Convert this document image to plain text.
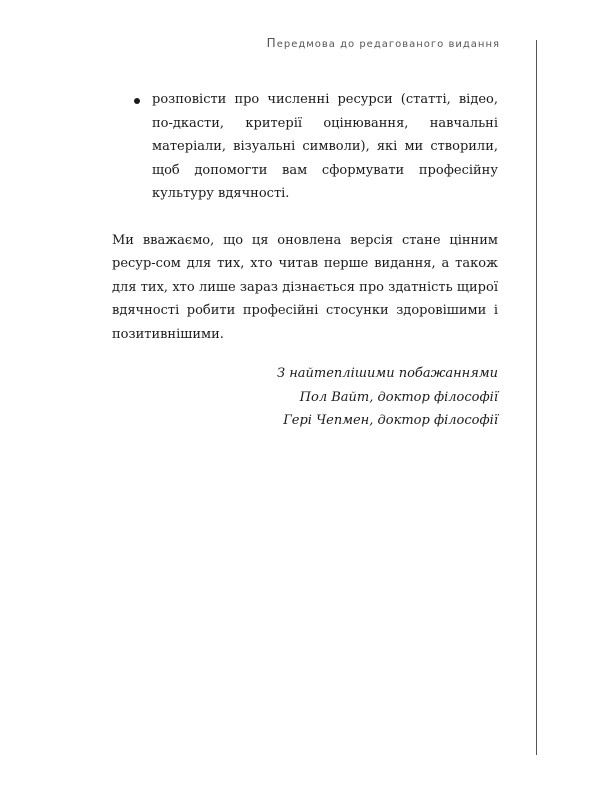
Передмова до редагованого видання
розповісти про численні ресурси (статті, відео, по-дкасти, критерії оцінювання, навчальні матеріали, візуальні символи), які ми створили, щоб допомогти вам сформувати професійну культуру вдячності.

Ми вважаємо, що ця оновлена версія стане цінним ресур-сом для тих, хто читав перше видання, а також для тих, хто лише зараз дізнається про здатність щирої вдячності робити професійні стосунки здоровішими і позитивнішими.

З найтеплішими побажаннями
Пол Вайт, доктор філософії
Гері Чепмен, доктор філософії
